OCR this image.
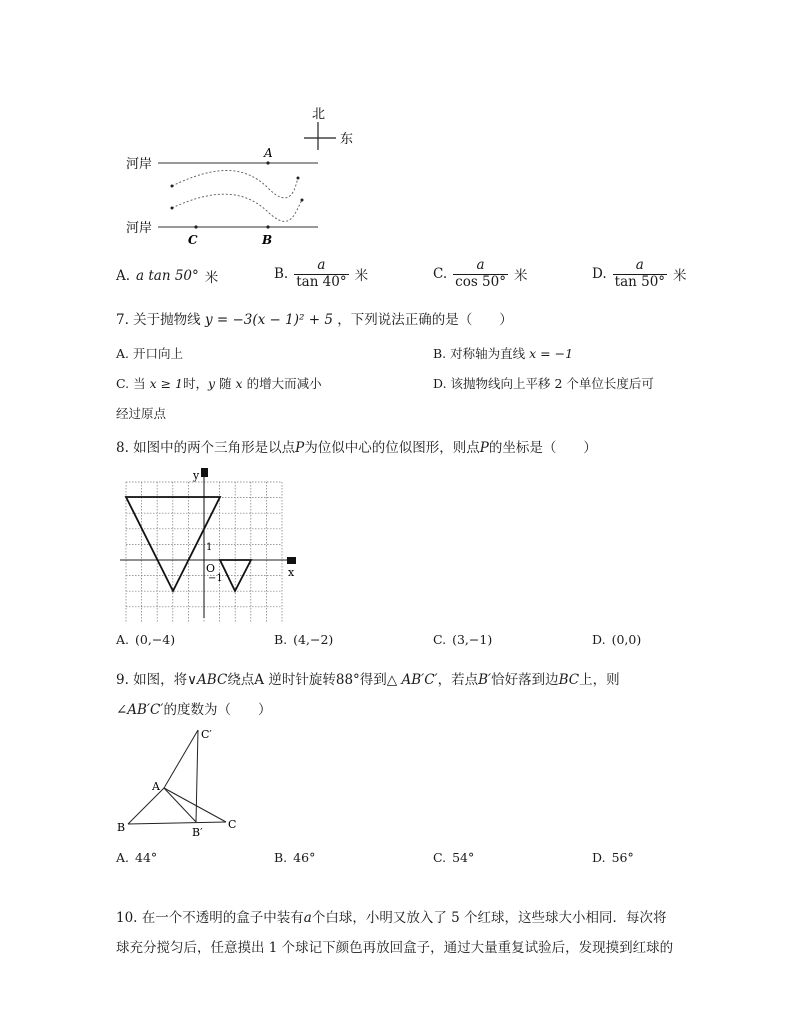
北
东
河岸
A
河岸
C	B
A. a tan 50° 米	B. $\frac{a}{\tan 40^\circ}$ 米	C. $\frac{a}{\cos 50^\circ}$ 米	D. $\frac{a}{\tan 50^\circ}$ 米
7. 关于抛物线 y = −3(x − 1)² + 5 ，下列说法正确的是（　　）
A. 开口向上	B. 对称轴为直线 x = −1
C. 当 x ≥ 1时，y 随 x 的增大而减小	D. 该抛物线向上平移 2 个单位长度后可
经过原点
8. 如图中的两个三角形是以点P为位似中心的位似图形，则点P的坐标是（　　）
y
x
O
1
−1
A. (0,−4)	B. (4,−2)	C. (3,−1)	D. (0,0)
9. 如图，将∨ABC绕点A 逆时针旋转88°得到△ AB′C′，若点B′恰好落到边BC上，则
∠AB′C′的度数为（　　）
C′
A
B	B′
C
A. 44°	B. 46°	C. 54°	D. 56°
10. 在一个不透明的盒子中装有a个白球，小明又放入了 5 个红球，这些球大小相同．每次将
球充分搅匀后，任意摸出 1 个球记下颜色再放回盒子，通过大量重复试验后，发现摸到红球的
